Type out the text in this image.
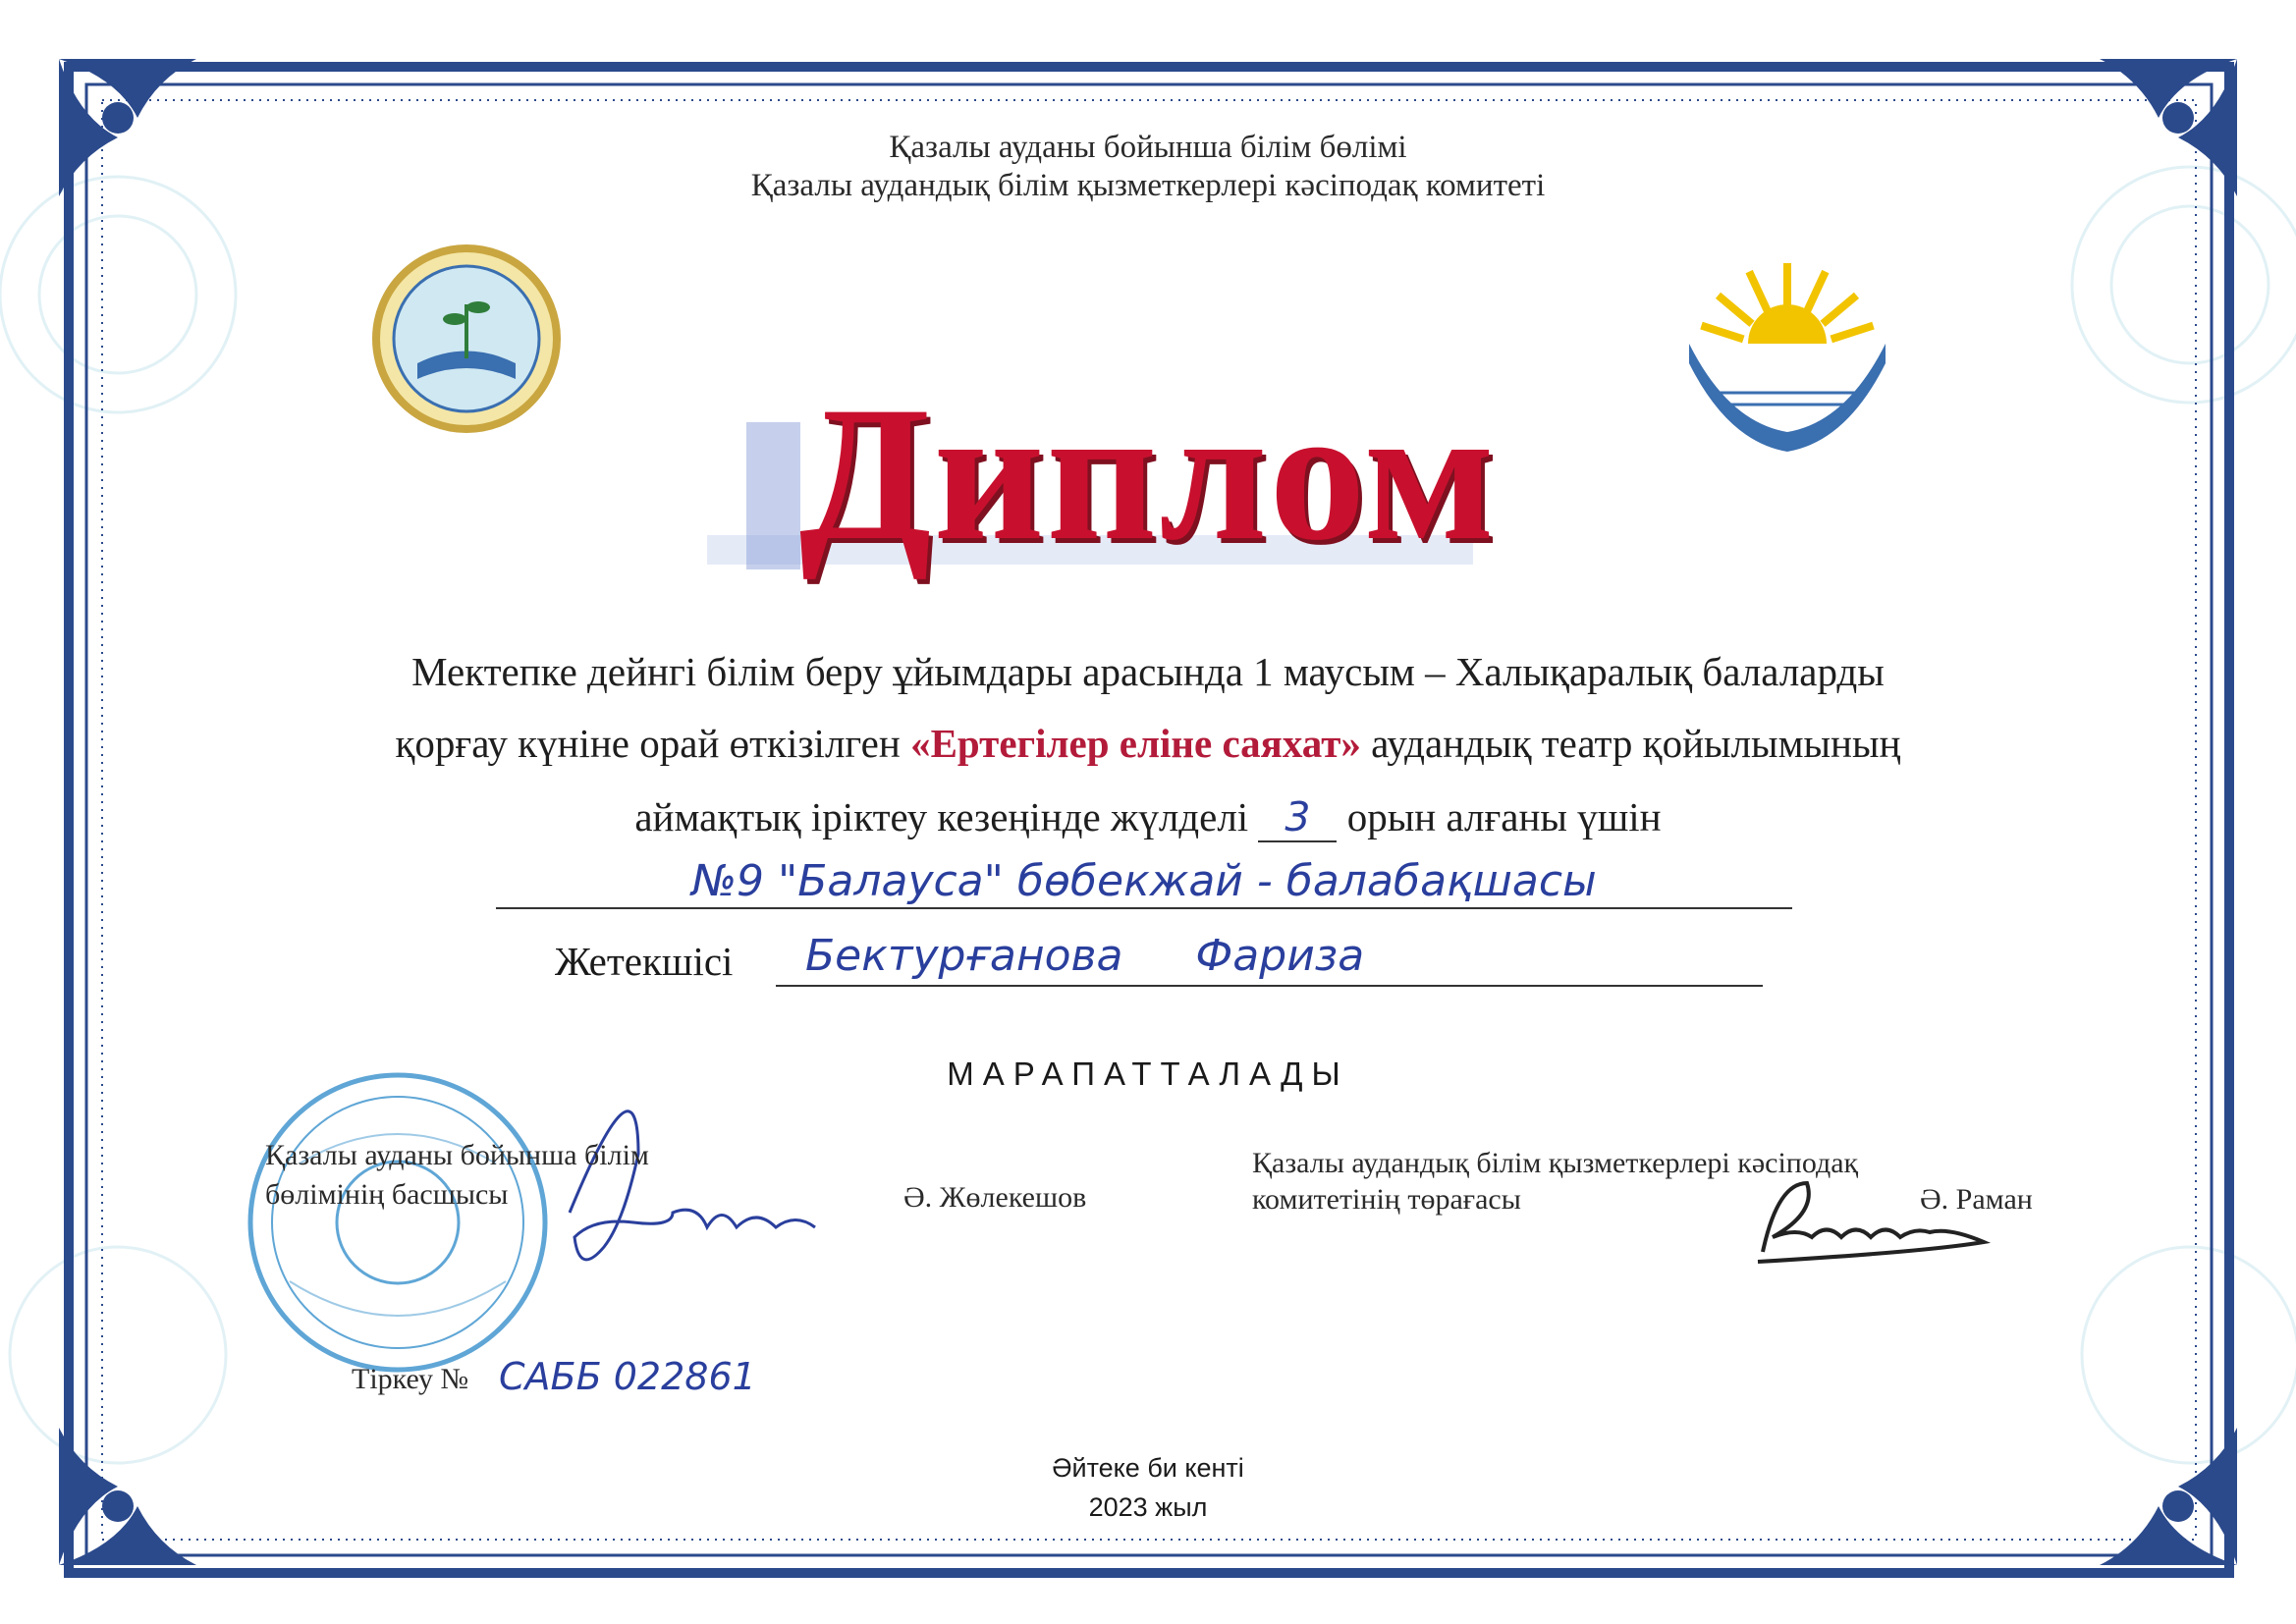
Қазалы ауданы бойынша білім бөлімі
Қазалы аудандық білім қызметкерлері кәсіподақ комитеті
Диплом
Мектепке дейнгі білім беру ұйымдары арасында 1 маусым – Халықаралық балаларды
қорғау күніне орай өткізілген «Ертегілер еліне саяхат» аудандық театр қойылымының
аймақтық іріктеу кезеңінде жүлделі 3 орын алғаны үшін
№9 "Балауса" бөбекжай - балабақшасы
Жетекшісі	Бектурғанова Фариза
МАРАПАТТАЛАДЫ
Қазалы ауданы бойынша білім
бөлімінің басшысы	Ә. Жөлекешов
Қазалы аудандық білім қызметкерлері кәсіподақ
комитетінің төрағасы	Ә. Раман
Тіркеу № САББ 022861
Әйтеке би кенті
2023 жыл
